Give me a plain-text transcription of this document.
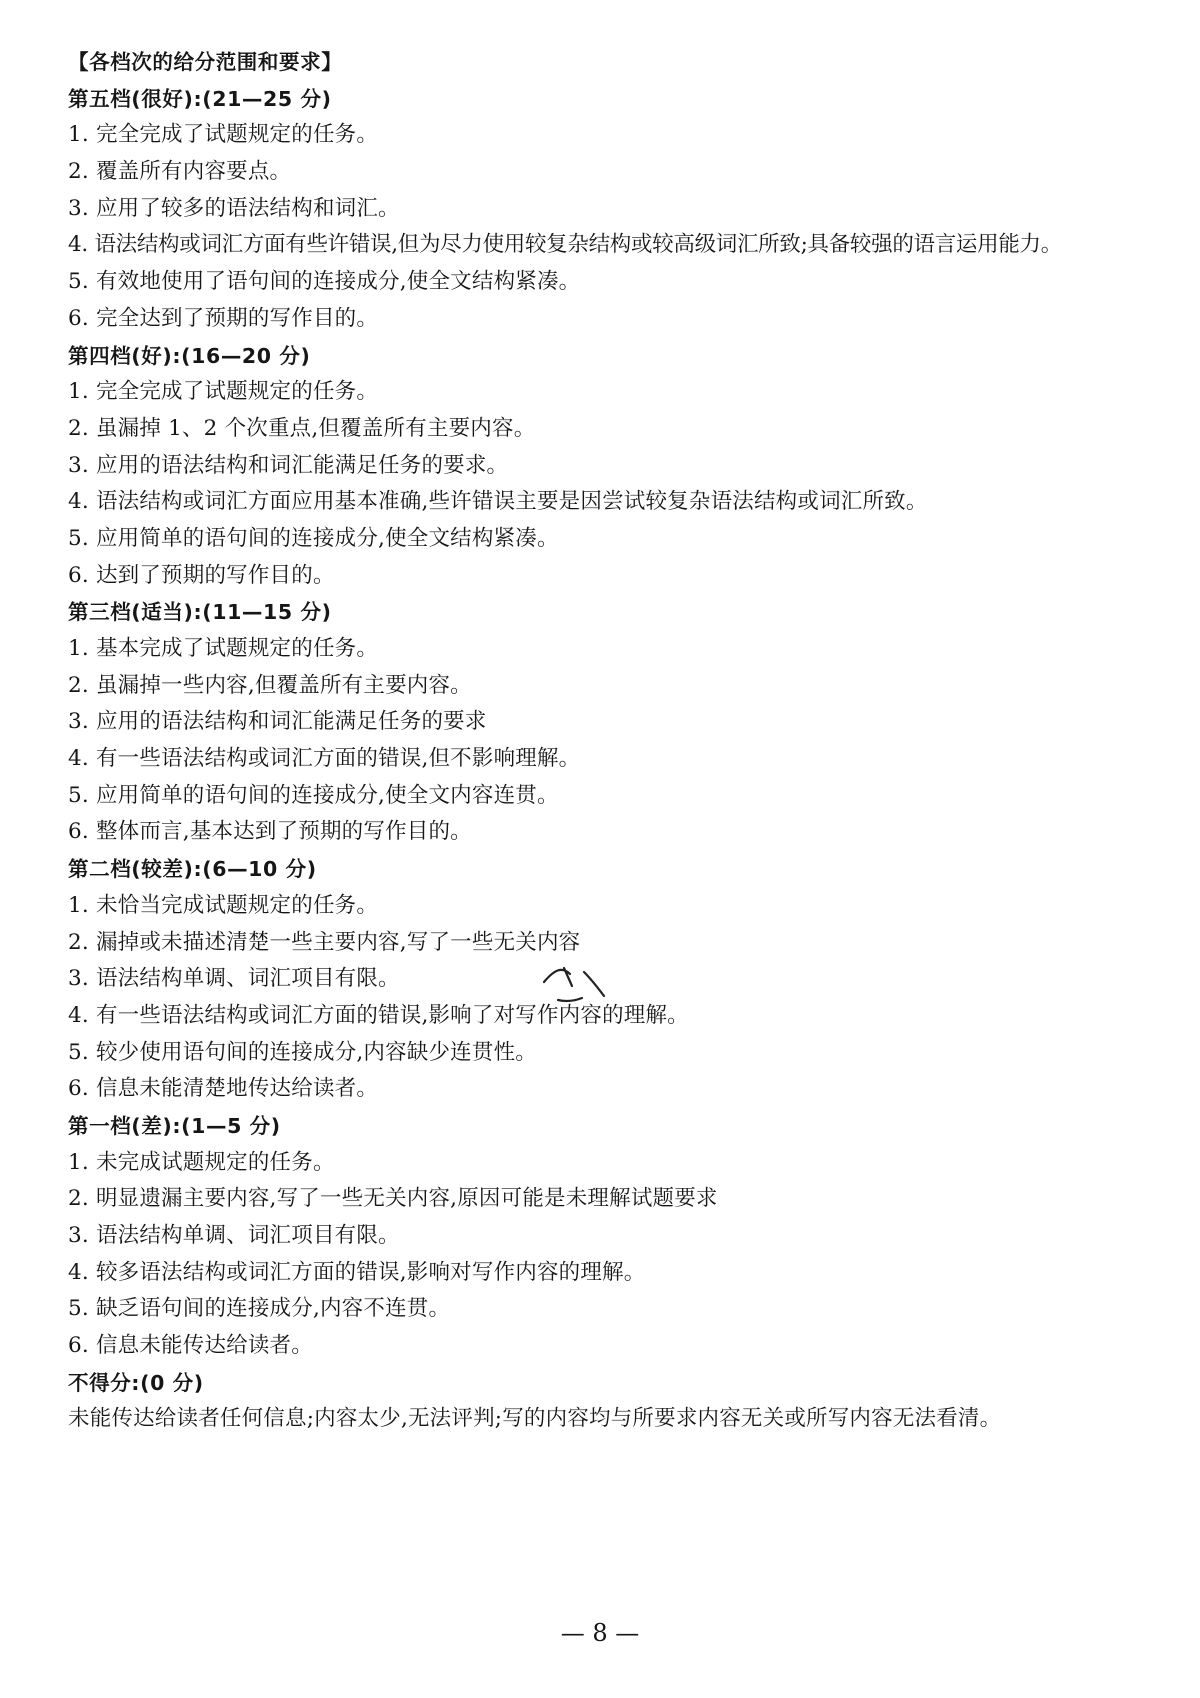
【各档次的给分范围和要求】
第五档(很好):(21—25 分)
1. 完全完成了试题规定的任务。
2. 覆盖所有内容要点。
3. 应用了较多的语法结构和词汇。
4. 语法结构或词汇方面有些许错误,但为尽力使用较复杂结构或较高级词汇所致;具备较强的语言运用能力。
5. 有效地使用了语句间的连接成分,使全文结构紧凑。
6. 完全达到了预期的写作目的。
第四档(好):(16—20 分)
1. 完全完成了试题规定的任务。
2. 虽漏掉 1、2 个次重点,但覆盖所有主要内容。
3. 应用的语法结构和词汇能满足任务的要求。
4. 语法结构或词汇方面应用基本准确,些许错误主要是因尝试较复杂语法结构或词汇所致。
5. 应用简单的语句间的连接成分,使全文结构紧凑。
6. 达到了预期的写作目的。
第三档(适当):(11—15 分)
1. 基本完成了试题规定的任务。
2. 虽漏掉一些内容,但覆盖所有主要内容。
3. 应用的语法结构和词汇能满足任务的要求
4. 有一些语法结构或词汇方面的错误,但不影响理解。
5. 应用简单的语句间的连接成分,使全文内容连贯。
6. 整体而言,基本达到了预期的写作目的。
第二档(较差):(6—10 分)
1. 未恰当完成试题规定的任务。
2. 漏掉或未描述清楚一些主要内容,写了一些无关内容
3. 语法结构单调、词汇项目有限。
4. 有一些语法结构或词汇方面的错误,影响了对写作内容的理解。
5. 较少使用语句间的连接成分,内容缺少连贯性。
6. 信息未能清楚地传达给读者。
第一档(差):(1—5 分)
1. 未完成试题规定的任务。
2. 明显遗漏主要内容,写了一些无关内容,原因可能是未理解试题要求
3. 语法结构单调、词汇项目有限。
4. 较多语法结构或词汇方面的错误,影响对写作内容的理解。
5. 缺乏语句间的连接成分,内容不连贯。
6. 信息未能传达给读者。
不得分:(0 分)
未能传达给读者任何信息;内容太少,无法评判;写的内容均与所要求内容无关或所写内容无法看清。
— 8 —
